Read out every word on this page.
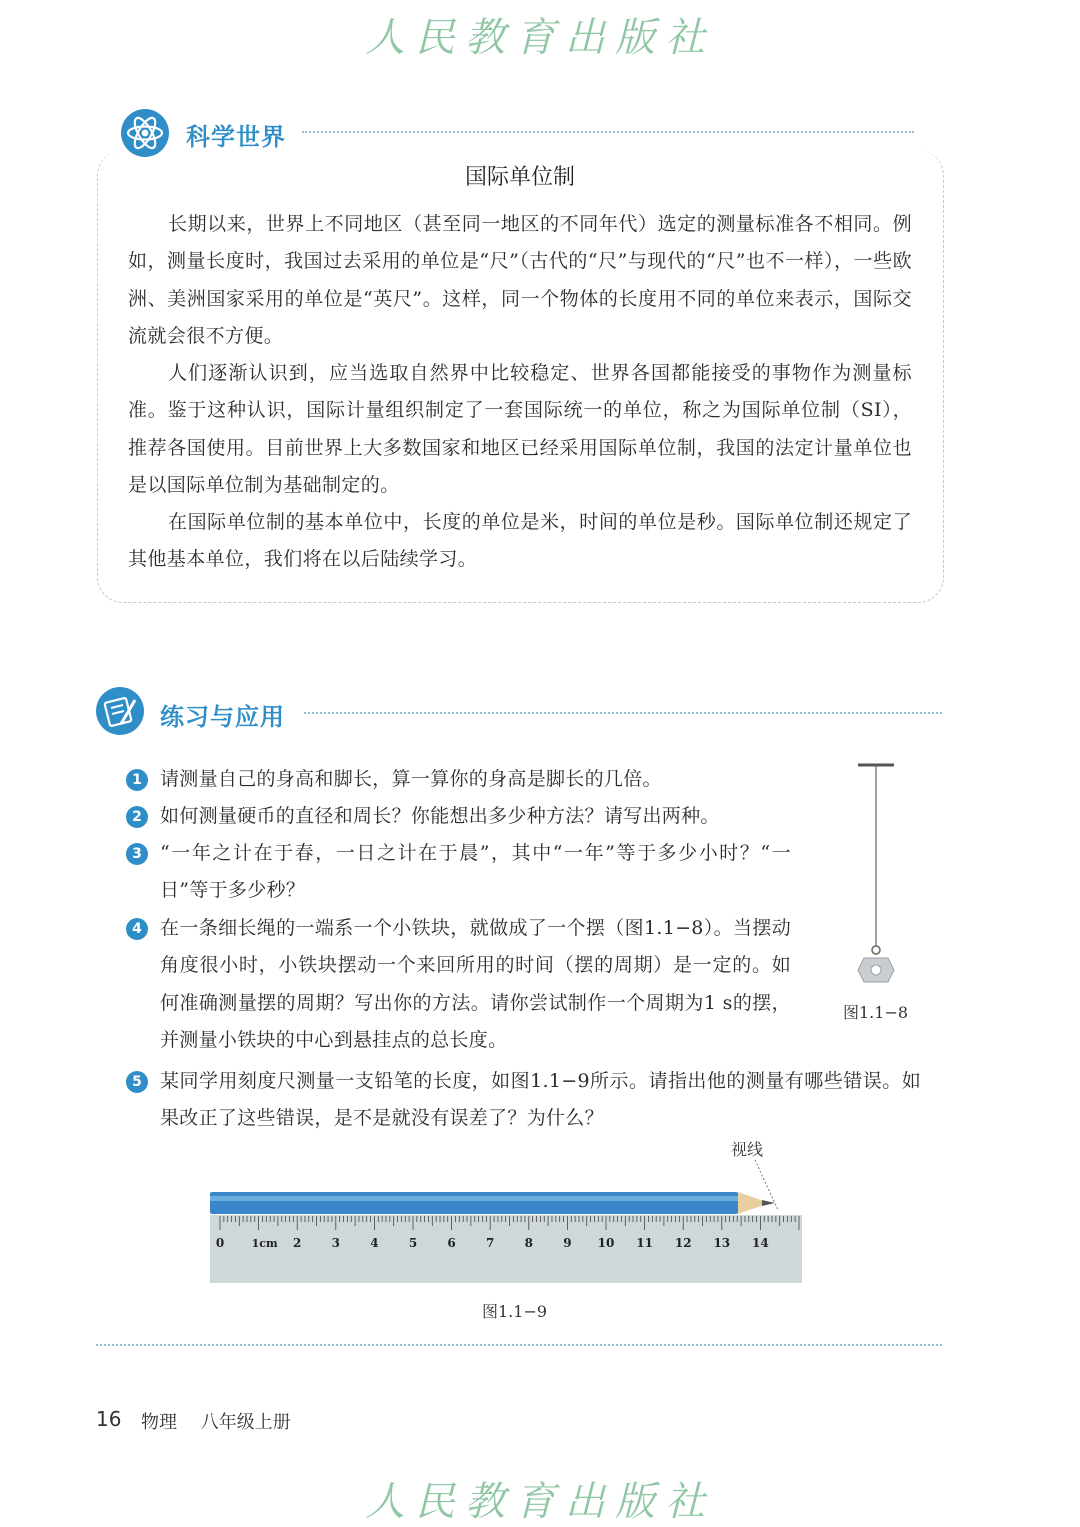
人民教育出版社
科学世界
国际单位制

长期以来，世界上不同地区（甚至同一地区的不同年代）选定的测量标准各不相同。例如，测量长度时，我国过去采用的单位是“尺”（古代的“尺”与现代的“尺”也不一样），一些欧洲、美洲国家采用的单位是“英尺”。这样，同一个物体的长度用不同的单位来表示，国际交流就会很不方便。

人们逐渐认识到，应当选取自然界中比较稳定、世界各国都能接受的事物作为测量标准。鉴于这种认识，国际计量组织制定了一套国际统一的单位，称之为国际单位制（SI），推荐各国使用。目前世界上大多数国家和地区已经采用国际单位制，我国的法定计量单位也是以国际单位制为基础制定的。

在国际单位制的基本单位中，长度的单位是米，时间的单位是秒。国际单位制还规定了其他基本单位，我们将在以后陆续学习。

练习与应用
1 请测量自己的身高和脚长，算一算你的身高是脚长的几倍。

2 如何测量硬币的直径和周长？你能想出多少种方法？请写出两种。

3 “一年之计在于春，一日之计在于晨”，其中“一年”等于多少小时？“一日”等于多少秒？

4 在一条细长绳的一端系一个小铁块，就做成了一个摆（图1.1−8）。当摆动角度很小时，小铁块摆动一个来回所用的时间（摆的周期）是一定的。如何准确测量摆的周期？写出你的方法。请你尝试制作一个周期为1 s的摆，并测量小铁块的中心到悬挂点的总长度。

5 某同学用刻度尺测量一支铅笔的长度，如图1.1−9所示。请指出他的测量有哪些错误。如果改正了这些错误，是不是就没有误差了？为什么？

图1.1−8
视线
0 1cm 2	3	4	5	6	7	8	9 10 11 12 13 14
图1.1−9
16 物理 八年级上册
人民教育出版社
